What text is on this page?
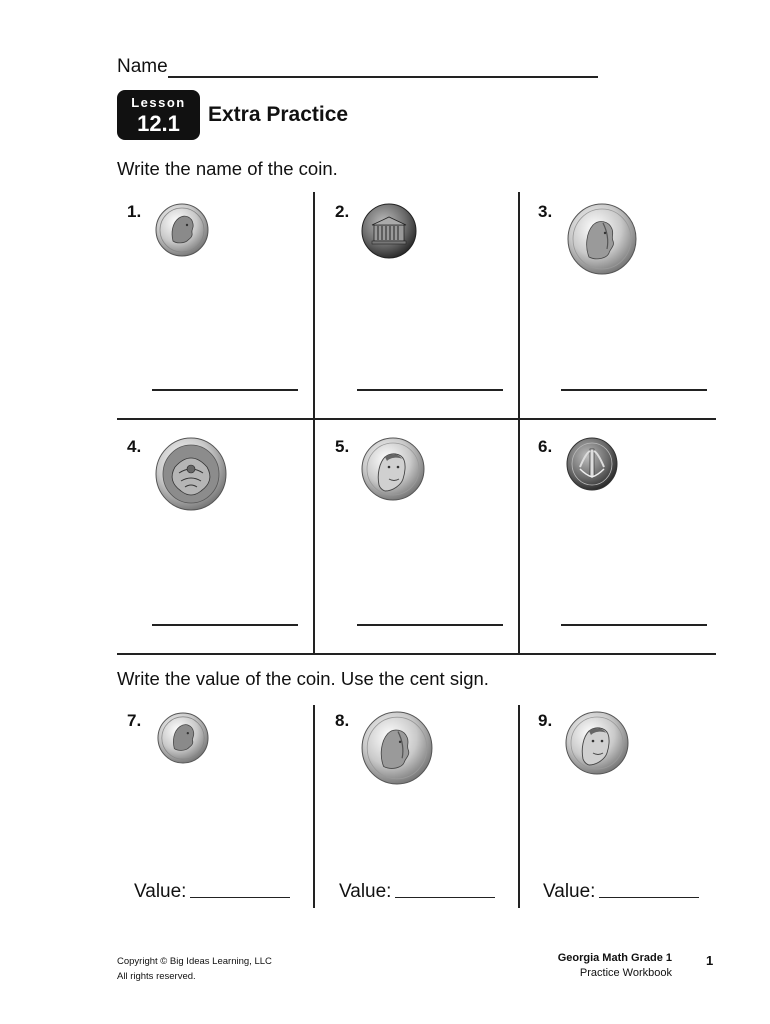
Name
Lesson
12.1	Extra Practice
Write the name of the coin.
1.	2.	3.
4.	5.	6.
Write the value of the coin. Use the cent sign.
7.
Value:
8.
Value:
9.
Value:
Copyright © Big Ideas Learning, LLC
All rights reserved.
Georgia Math Grade 1
Practice Workbook
1
